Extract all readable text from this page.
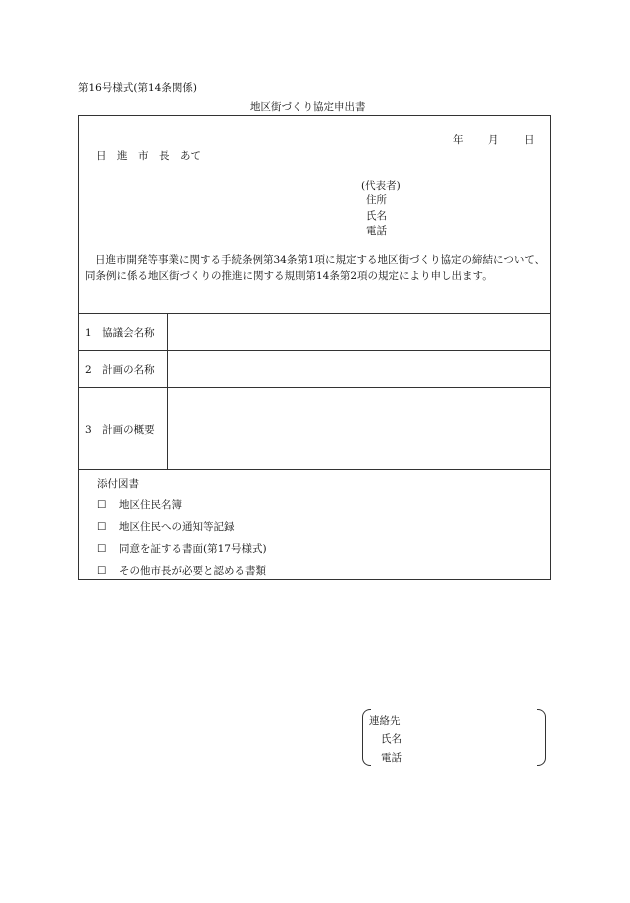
第16号様式(第14条関係)
地区街づくり協定申出書
年 月 日
日　進　市　長　あて
(代表者)
住所
氏名
電話
日進市開発等事業に関する手続条例第34条第1項に規定する地区街づくり協定の締結について、同条例に係る地区街づくりの推進に関する規則第14条第2項の規定により申し出ます。
1　協議会名称
2　計画の名称
3　計画の概要
添付図書
☐ 地区住民名簿
☐ 地区住民への通知等記録
☐ 同意を証する書面(第17号様式)
☐ その他市長が必要と認める書類
連絡先
氏名
電話
